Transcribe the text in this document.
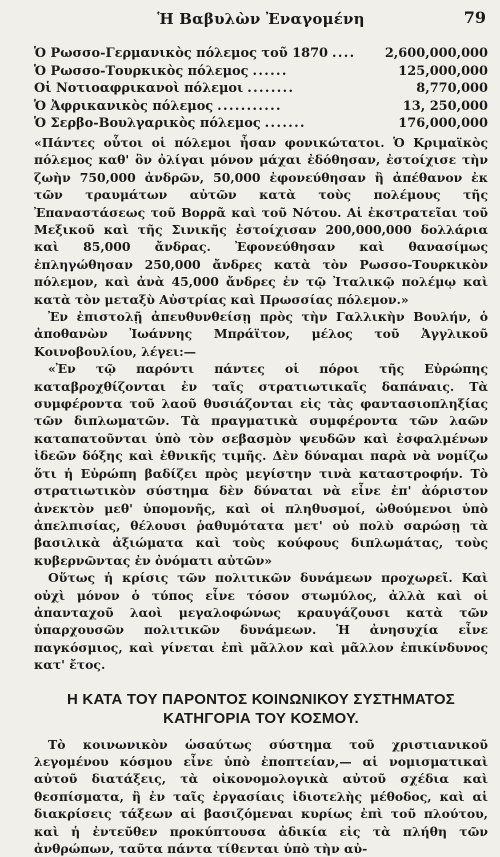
Ἡ Βαβυλὼν Ἐναγομένη	79
Ὁ Ρωσσο-Γερμανικὸς πόλεμος τοῦ 1870 ....	2,600,000,000
Ὁ Ρωσσο-Τουρκικὸς πόλεμος ......	125,000,000
Οἱ Νοτιοαφρικανοὶ πόλεμοι ........	8,770,000
Ὁ Ἀφρικανικὸς πόλεμος ...........	13, 250,000
Ὁ Σερβο-Βουλγαρικὸς πόλεμος .......	176,000,000

«Πάντες οὗτοι οἱ πόλεμοι ἦσαν φονικώτατοι. Ὁ Κριμαϊκὸς πόλεμος καθ' ὃν ὀλίγαι μόνον μάχαι ἐδόθησαν, ἐστοίχισε τὴν ζωὴν 750,000 ἀνδρῶν, 50,000 ἐφονεύθησαν ἢ ἀπέθανον ἐκ τῶν τραυμάτων αὐτῶν κατὰ τοὺς πολέμους τῆς Ἐπαναστάσεως τοῦ Βορρᾶ καὶ τοῦ Νότου. Αἱ ἐκστρατεῖαι τοῦ Μεξικοῦ καὶ τῆς Σινικῆς ἐστοίχισαν 200,000,000 δολλάρια καὶ 85,000 ἄνδρας. Ἐφονεύθησαν καὶ θανασίμως ἐπληγώθησαν 250,000 ἄνδρες κατὰ τὸν Ρωσσο-Τουρκικὸν πόλεμον, καὶ ἀνὰ 45,000 ἄνδρες ἐν τῷ Ἰταλικῷ πολέμῳ καὶ κατὰ τὸν μεταξὺ Αὐστρίας καὶ Πρωσσίας πόλεμον.»

Ἐν ἐπιστολῇ ἀπευθυνθείσῃ πρὸς τὴν Γαλλικὴν Βουλήν, ὁ ἀποθανὼν Ἰωάννης Μπράϊτον, μέλος τοῦ Ἀγγλικοῦ Κοινοβουλίου, λέγει:—

«Ἐν τῷ παρόντι πάντες οἱ πόροι τῆς Εὐρώπης καταβροχθίζονται ἐν ταῖς στρατιωτικαῖς δαπάναις. Τὰ συμφέροντα τοῦ λαοῦ θυσιάζονται εἰς τὰς φαντασιοπληξίας τῶν διπλωματῶν. Τὰ πραγματικὰ συμφέροντα τῶν λαῶν καταπατοῦνται ὑπὸ τὸν σεβασμὸν ψευδῶν καὶ ἐσφαλμένων ἰδεῶν δόξης καὶ ἐθνικῆς τιμῆς. Δὲν δύναμαι παρὰ νὰ νομίζω ὅτι ἡ Εὐρώπη βαδίζει πρὸς μεγίστην τινὰ καταστροφήν. Τὸ στρατιωτικὸν σύστημα δὲν δύναται νὰ εἶνε ἐπ' ἀόριστον ἀνεκτὸν μεθ' ὑπομονῆς, καὶ οἱ πληθυσμοί, ὠθούμενοι ὑπὸ ἀπελπισίας, θέλουσι ῥαθυμότατα μετ' οὐ πολὺ σαρώσῃ τὰ βασιλικὰ ἀξιώματα καὶ τοὺς κούφους διπλωμάτας, τοὺς κυβερνῶντας ἐν ὀνόματι αὐτῶν»

Οὕτως ἡ κρίσις τῶν πολιτικῶν δυνάμεων προχωρεῖ. Καὶ οὐχὶ μόνον ὁ τύπος εἶνε τόσον στωμύλος, ἀλλὰ καὶ οἱ ἀπανταχοῦ λαοὶ μεγαλοφώνως κραυγάζουσι κατὰ τῶν ὑπαρχουσῶν πολιτικῶν δυνάμεων. Ἡ ἀνησυχία εἶνε παγκόσμιος, καὶ γίνεται ἐπὶ μᾶλλον καὶ μᾶλλον ἐπικίνδυνος κατ' ἔτος.

Η ΚΑΤΑ ΤΟΥ ΠΑΡΟΝΤΟΣ ΚΟΙΝΩΝΙΚΟΥ ΣΥΣΤΗΜΑΤΟΣ
ΚΑΤΗΓΟΡΙΑ ΤΟΥ ΚΟΣΜΟΥ.

Τὸ κοινωνικὸν ὡσαύτως σύστημα τοῦ χριστιανικοῦ λεγομένου κόσμου εἶνε ὑπὸ ἐποπτείαν,— αἱ νομισματικαὶ αὐτοῦ διατάξεις, τὰ οἰκονομολογικὰ αὐτοῦ σχέδια καὶ θεσπίσματα, ἢ ἐν ταῖς ἐργασίαις ἰδιοτελὴς μέθοδος, καὶ αἱ διακρίσεις τάξεων αἱ βασιζόμεναι κυρίως ἐπὶ τοῦ πλούτου, καὶ ἡ ἐντεῦθεν προκύπτουσα ἀδικία εἰς τὰ πλήθη τῶν ἀνθρώπων, ταῦτα πάντα τίθενται ὑπὸ τὴν αὐ-
